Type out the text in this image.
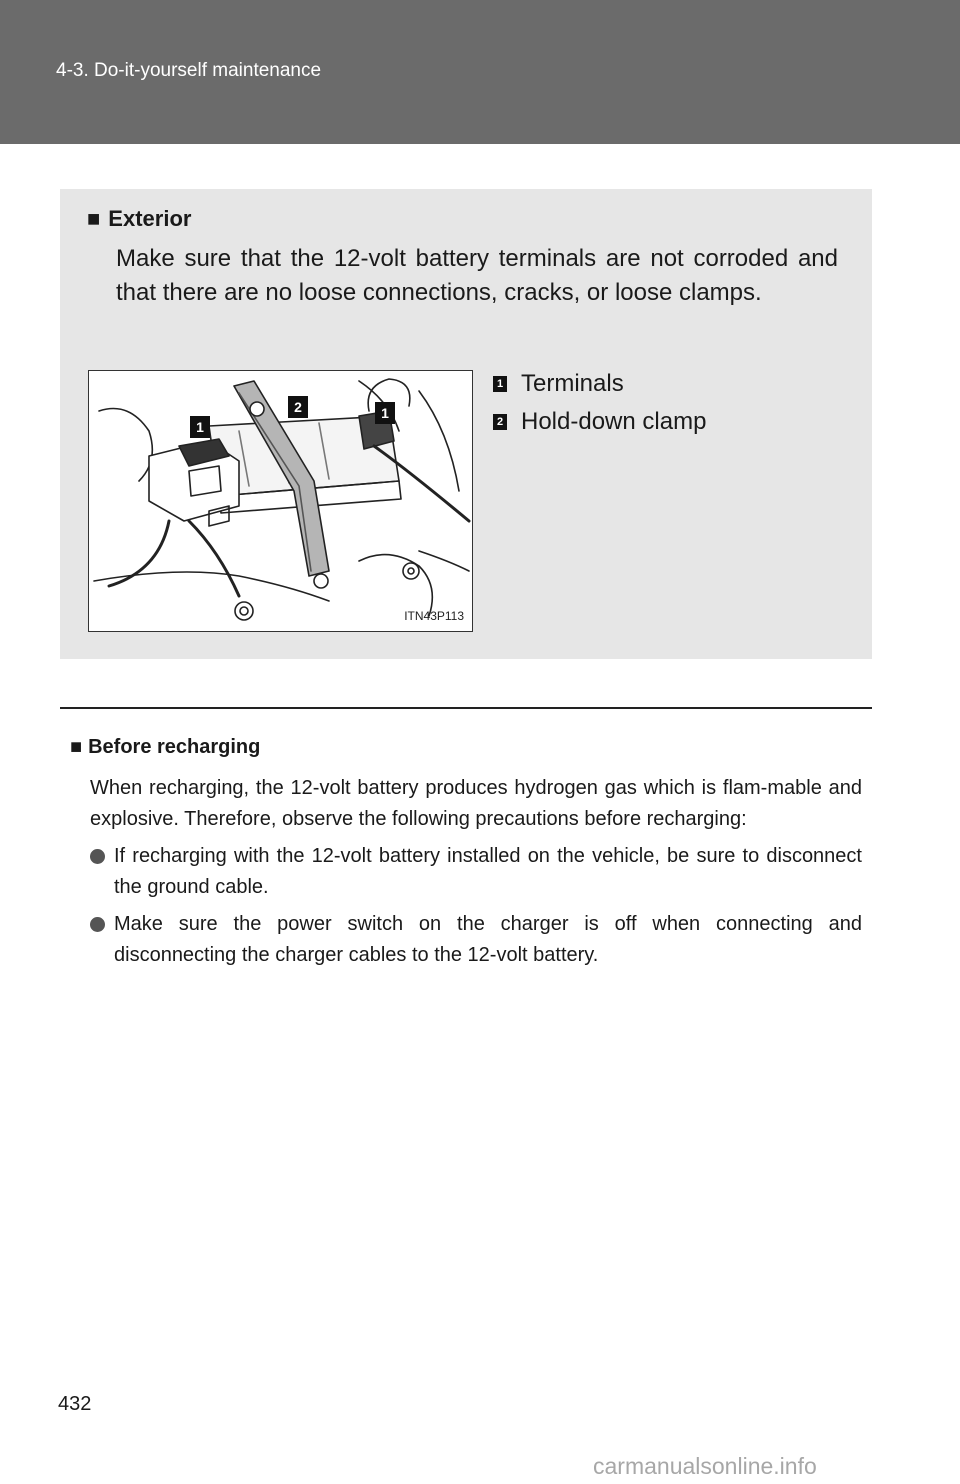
4-3. Do-it-yourself maintenance
■ Exterior
Make sure that the 12-volt battery terminals are not corroded and that there are no loose connections, cracks, or loose clamps.
1
2	1
ITN43P113
1 Terminals
2 Hold-down clamp
■ Before recharging
When recharging, the 12-volt battery produces hydrogen gas which is flam-mable and explosive. Therefore, observe the following precautions before recharging:
If recharging with the 12-volt battery installed on the vehicle, be sure to disconnect the ground cable.
Make sure the power switch on the charger is off when connecting and disconnecting the charger cables to the 12-volt battery.
432
carmanualsonline.info
